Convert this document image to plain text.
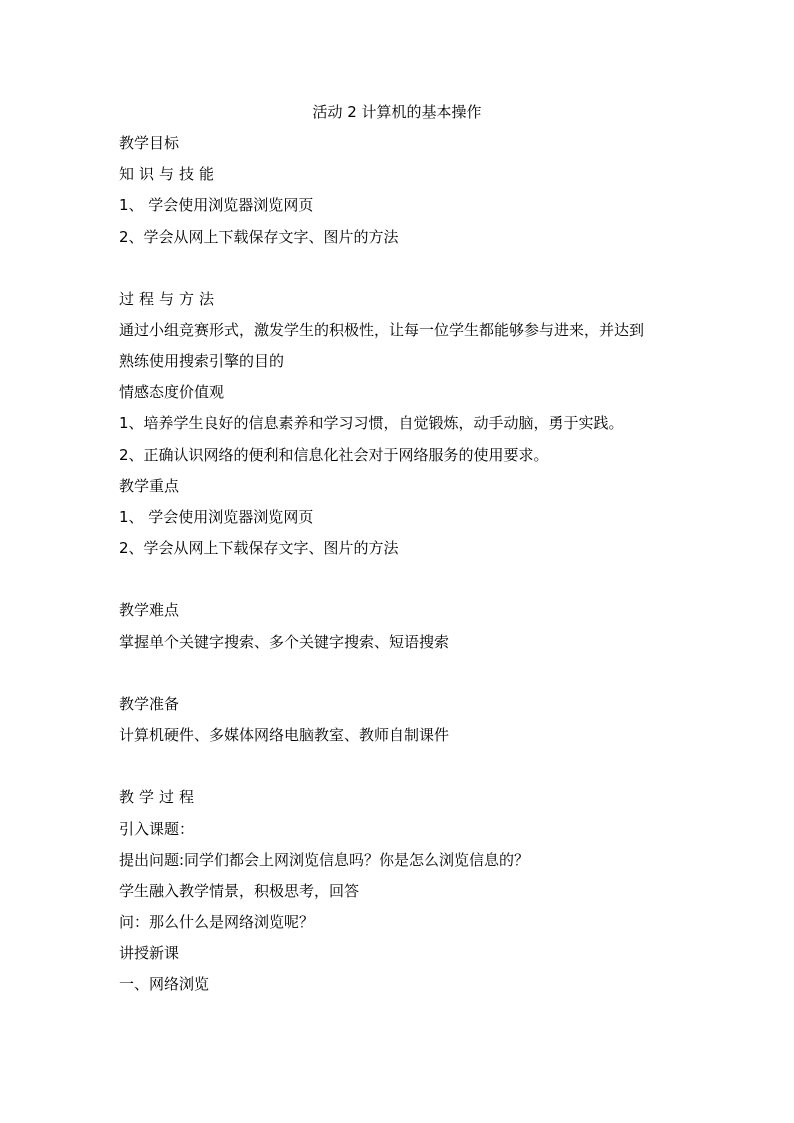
活动 2 计算机的基本操作
教学目标
知识与技能
1、 学会使用浏览器浏览网页
2、学会从网上下载保存文字、图片的方法
过程与方法
通过小组竞赛形式，激发学生的积极性，让每一位学生都能够参与进来，并达到
熟练使用搜索引擎的目的
情感态度价值观
1、培养学生良好的信息素养和学习习惯，自觉锻炼，动手动脑，勇于实践。
2、正确认识网络的便利和信息化社会对于网络服务的使用要求。
教学重点
1、 学会使用浏览器浏览网页
2、学会从网上下载保存文字、图片的方法
教学难点
掌握单个关键字搜索、多个关键字搜索、短语搜索
教学准备
计算机硬件、多媒体网络电脑教室、教师自制课件
教学过程
引入课题：
提出问题:同学们都会上网浏览信息吗？你是怎么浏览信息的？
学生融入教学情景，积极思考，回答
问：那么什么是网络浏览呢？
讲授新课
一、网络浏览
